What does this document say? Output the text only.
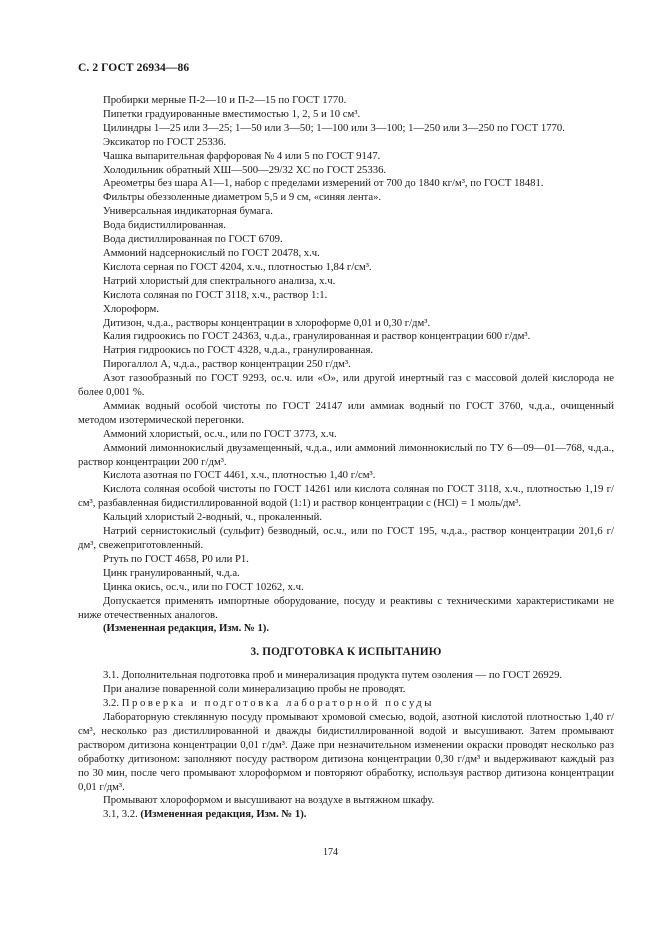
С. 2 ГОСТ 26934—86

Пробирки мерные П-2—10 и П-2—15 по ГОСТ 1770.

Пипетки градуированные вместимостью 1, 2, 5 и 10 см³.

Цилиндры 1—25 или 3—25; 1—50 или 3—50; 1—100 или 3—100; 1—250 или 3—250 по ГОСТ 1770.

Эксикатор по ГОСТ 25336.

Чашка выпарительная фарфоровая № 4 или 5 по ГОСТ 9147.

Холодильник обратный ХШ—500—29/32 ХС по ГОСТ 25336.

Ареометры без шара А1—1, набор с пределами измерений от 700 до 1840 кг/м³, по ГОСТ 18481.

Фильтры обеззоленные диаметром 5,5 и 9 см, «синяя лента».

Универсальная индикаторная бумага.

Вода бидистиллированная.

Вода дистиллированная по ГОСТ 6709.

Аммоний надсернокислый по ГОСТ 20478, х.ч.

Кислота серная по ГОСТ 4204, х.ч., плотностью 1,84 г/см³.

Натрий хлористый для спектрального анализа, х.ч.

Кислота соляная по ГОСТ 3118, х.ч., раствор 1:1.

Хлороформ.

Дитизон, ч.д.а., растворы концентрации в хлороформе 0,01 и 0,30 г/дм³.

Калия гидроокись по ГОСТ 24363, ч.д.а., гранулированная и раствор концентрации 600 г/дм³.

Натрия гидроокись по ГОСТ 4328, ч.д.а., гранулированная.

Пирогаллол А, ч.д.а., раствор концентрации 250 г/дм³.

Азот газообразный по ГОСТ 9293, ос.ч. или «О», или другой инертный газ с массовой долей кислорода не более 0,001 %.

Аммиак водный особой чистоты по ГОСТ 24147 или аммиак водный по ГОСТ 3760, ч.д.а., очищенный методом изотермической перегонки.

Аммоний хлористый, ос.ч., или по ГОСТ 3773, х.ч.

Аммоний лимоннокислый двузамещенный, ч.д.а., или аммоний лимоннокислый по ТУ 6—09—01—768, ч.д.а., раствор концентрации 200 г/дм³.

Кислота азотная по ГОСТ 4461, х.ч., плотностью 1,40 г/см³.

Кислота соляная особой чистоты по ГОСТ 14261 или кислота соляная по ГОСТ 3118, х.ч., плотностью 1,19 г/см³, разбавленная бидистиллированной водой (1:1) и раствор концентрации c (HCl) = 1 моль/дм³.

Кальций хлористый 2-водный, ч., прокаленный.

Натрий сернистокислый (сульфит) безводный, ос.ч., или по ГОСТ 195, ч.д.а., раствор концентрации 201,6 г/дм³, свежеприготовленный.

Ртуть по ГОСТ 4658, Р0 или Р1.

Цинк гранулированный, ч.д.а.

Цинка окись, ос.ч., или по ГОСТ 10262, х.ч.

Допускается применять импортные оборудование, посуду и реактивы с техническими характеристиками не ниже отечественных аналогов.

(Измененная редакция, Изм. № 1).

3. ПОДГОТОВКА К ИСПЫТАНИЮ

3.1. Дополнительная подготовка проб и минерализация продукта путем озоления — по ГОСТ 26929.

При анализе поваренной соли минерализацию пробы не проводят.

3.2. Проверка и подготовка лабораторной посуды

Лабораторную стеклянную посуду промывают хромовой смесью, водой, азотной кислотой плотностью 1,40 г/см³, несколько раз дистиллированной и дважды бидистиллированной водой и высушивают. Затем промывают раствором дитизона концентрации 0,01 г/дм³. Даже при незначительном изменении окраски проводят несколько раз обработку дитизоном: заполняют посуду раствором дитизона концентрации 0,30 г/дм³ и выдерживают каждый раз по 30 мин, после чего промывают хлороформом и повторяют обработку, используя раствор дитизона концентрации 0,01 г/дм³.

Промывают хлороформом и высушивают на воздухе в вытяжном шкафу.

3.1, 3.2. (Измененная редакция, Изм. № 1).

174
